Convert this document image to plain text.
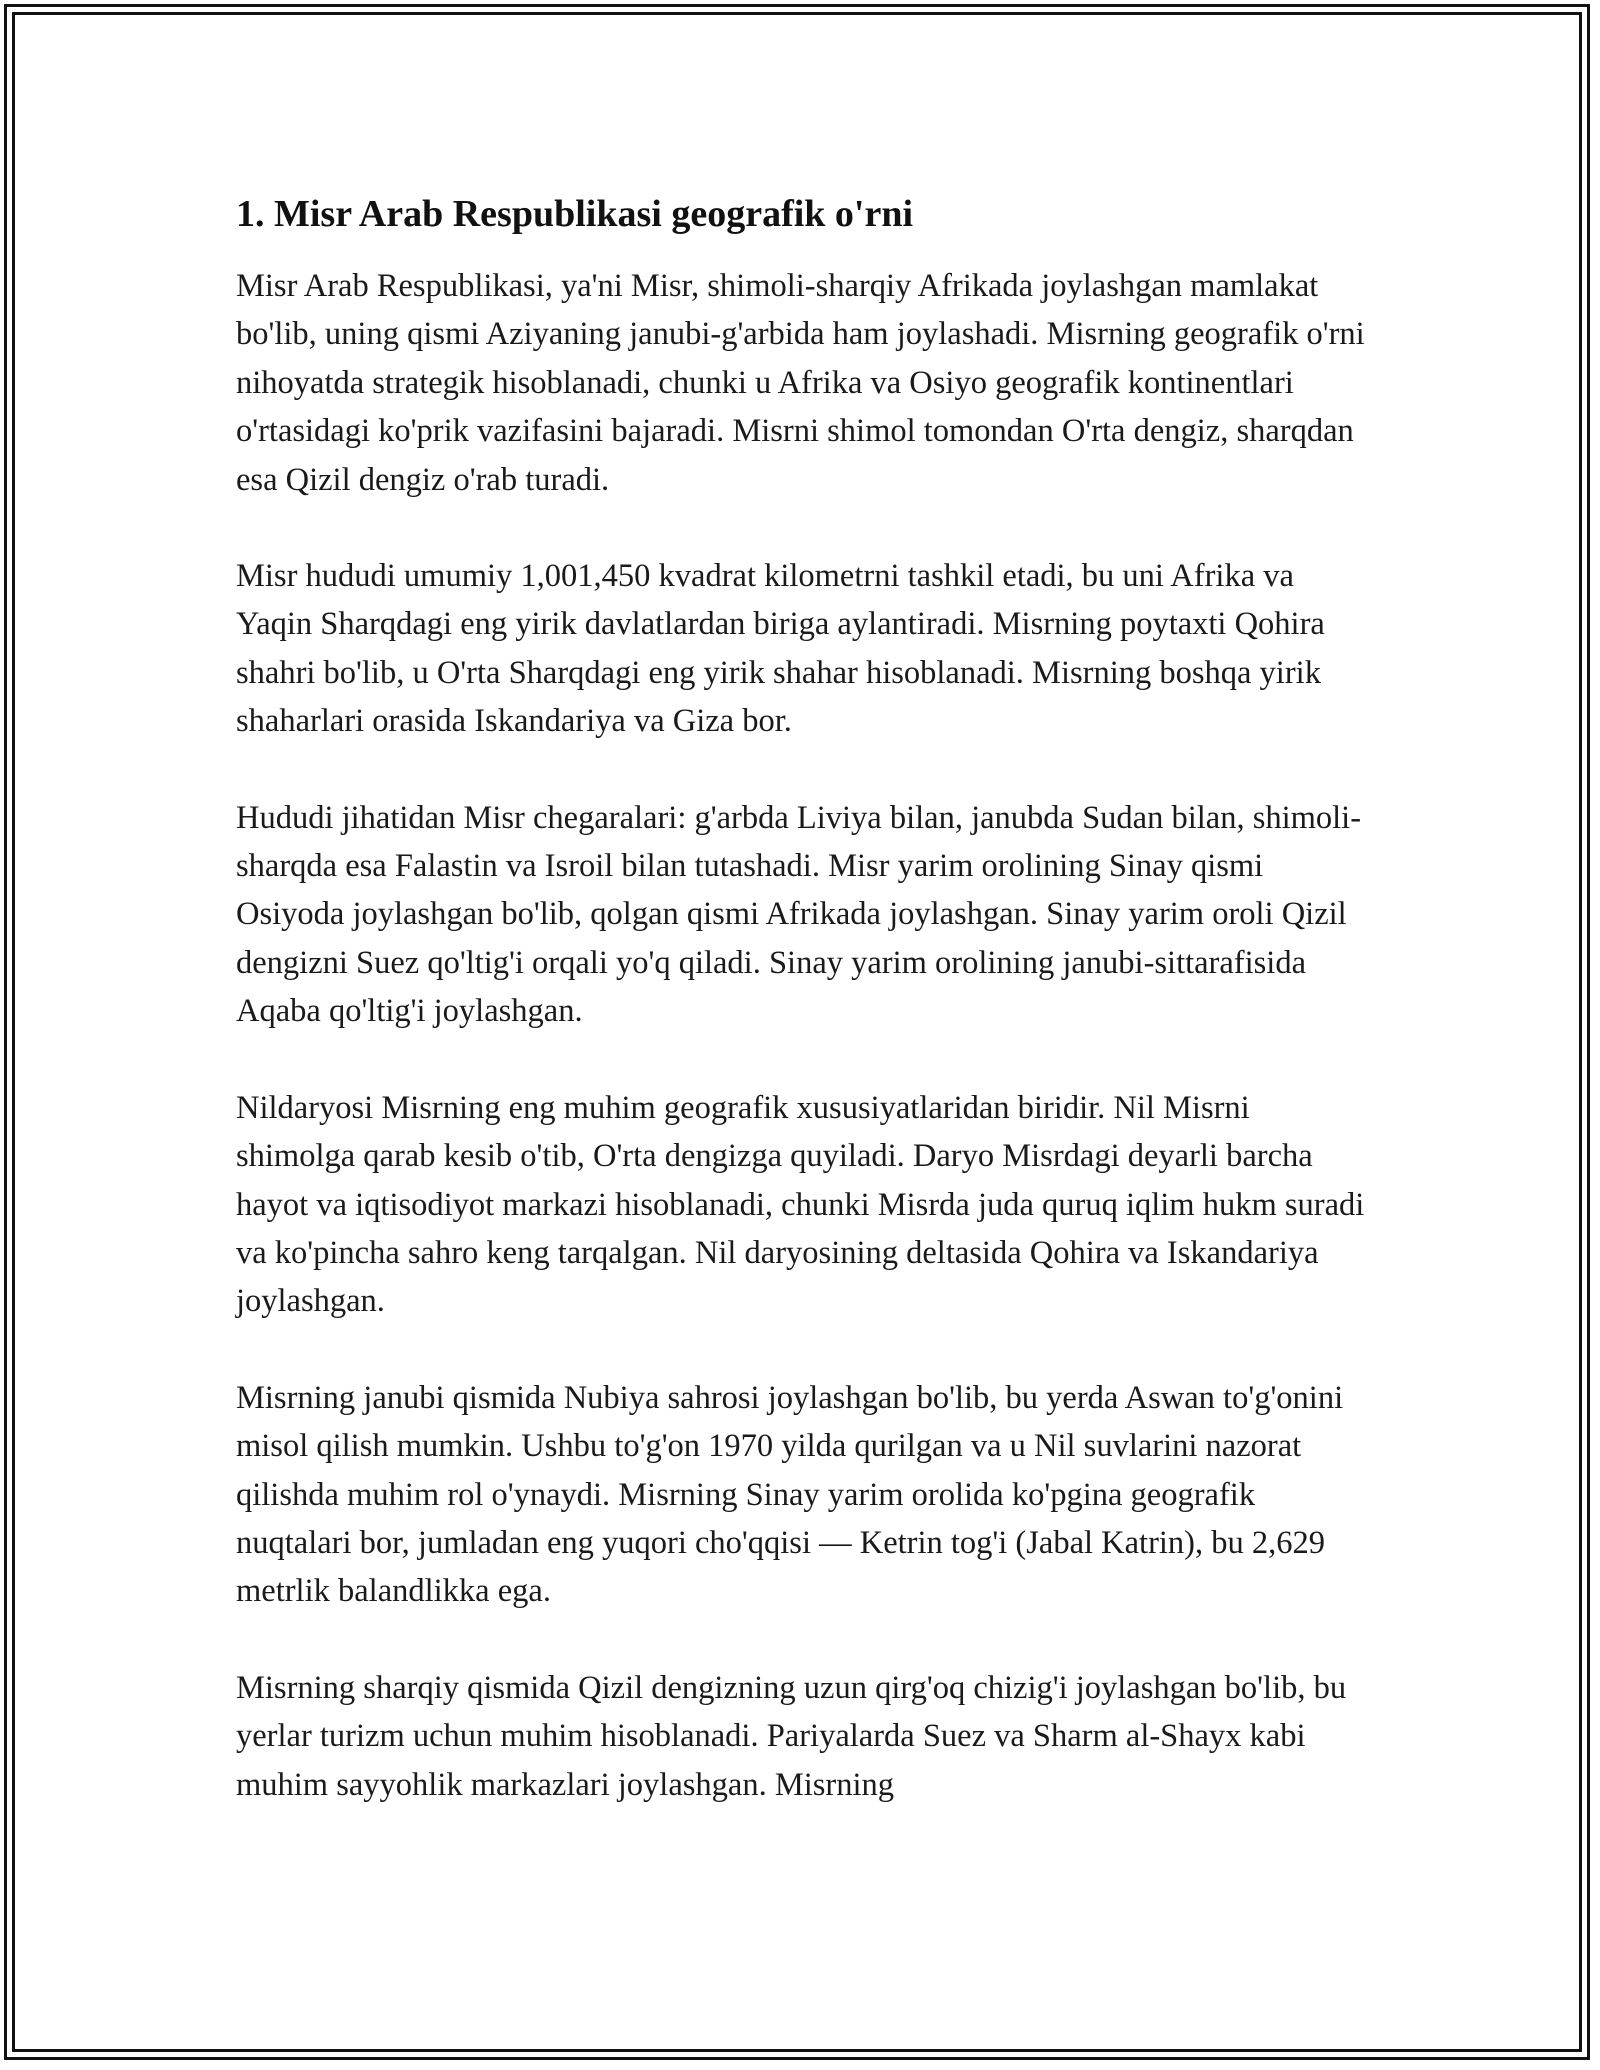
1. Misr Arab Respublikasi geografik o'rni

Misr Arab Respublikasi, ya'ni Misr, shimoli-sharqiy Afrikada joylashgan mamlakat bo'lib, uning qismi Aziyaning janubi-g'arbida ham joylashadi. Misrning geografik o'rni nihoyatda strategik hisoblanadi, chunki u Afrika va Osiyo geografik kontinentlari o'rtasidagi ko'prik vazifasini bajaradi. Misrni shimol tomondan O'rta dengiz, sharqdan esa Qizil dengiz o'rab turadi.

Misr hududi umumiy 1,001,450 kvadrat kilometrni tashkil etadi, bu uni Afrika va Yaqin Sharqdagi eng yirik davlatlardan biriga aylantiradi. Misrning poytaxti Qohira shahri bo'lib, u O'rta Sharqdagi eng yirik shahar hisoblanadi. Misrning boshqa yirik shaharlari orasida Iskandariya va Giza bor.

Hududi jihatidan Misr chegaralari: g'arbda Liviya bilan, janubda Sudan bilan, shimoli-sharqda esa Falastin va Isroil bilan tutashadi. Misr yarim orolining Sinay qismi Osiyoda joylashgan bo'lib, qolgan qismi Afrikada joylashgan. Sinay yarim oroli Qizil dengizni Suez qo'ltig'i orqali yo'q qiladi. Sinay yarim orolining janubi-sittarafisida Aqaba qo'ltig'i joylashgan.

Nildaryosi Misrning eng muhim geografik xususiyatlaridan biridir. Nil Misrni shimolga qarab kesib o'tib, O'rta dengizga quyiladi. Daryo Misrdagi deyarli barcha hayot va iqtisodiyot markazi hisoblanadi, chunki Misrda juda quruq iqlim hukm suradi va ko'pincha sahro keng tarqalgan. Nil daryosining deltasida Qohira va Iskandariya joylashgan.

Misrning janubi qismida Nubiya sahrosi joylashgan bo'lib, bu yerda Aswan to'g'onini misol qilish mumkin. Ushbu to'g'on 1970 yilda qurilgan va u Nil suvlarini nazorat qilishda muhim rol o'ynaydi. Misrning Sinay yarim orolida ko'pgina geografik nuqtalari bor, jumladan eng yuqori cho'qqisi — Ketrin tog'i (Jabal Katrin), bu 2,629 metrlik balandlikka ega.

Misrning sharqiy qismida Qizil dengizning uzun qirg'oq chizig'i joylashgan bo'lib, bu yerlar turizm uchun muhim hisoblanadi. Pariyalarda Suez va Sharm al-Shayx kabi muhim sayyohlik markazlari joylashgan. Misrning
